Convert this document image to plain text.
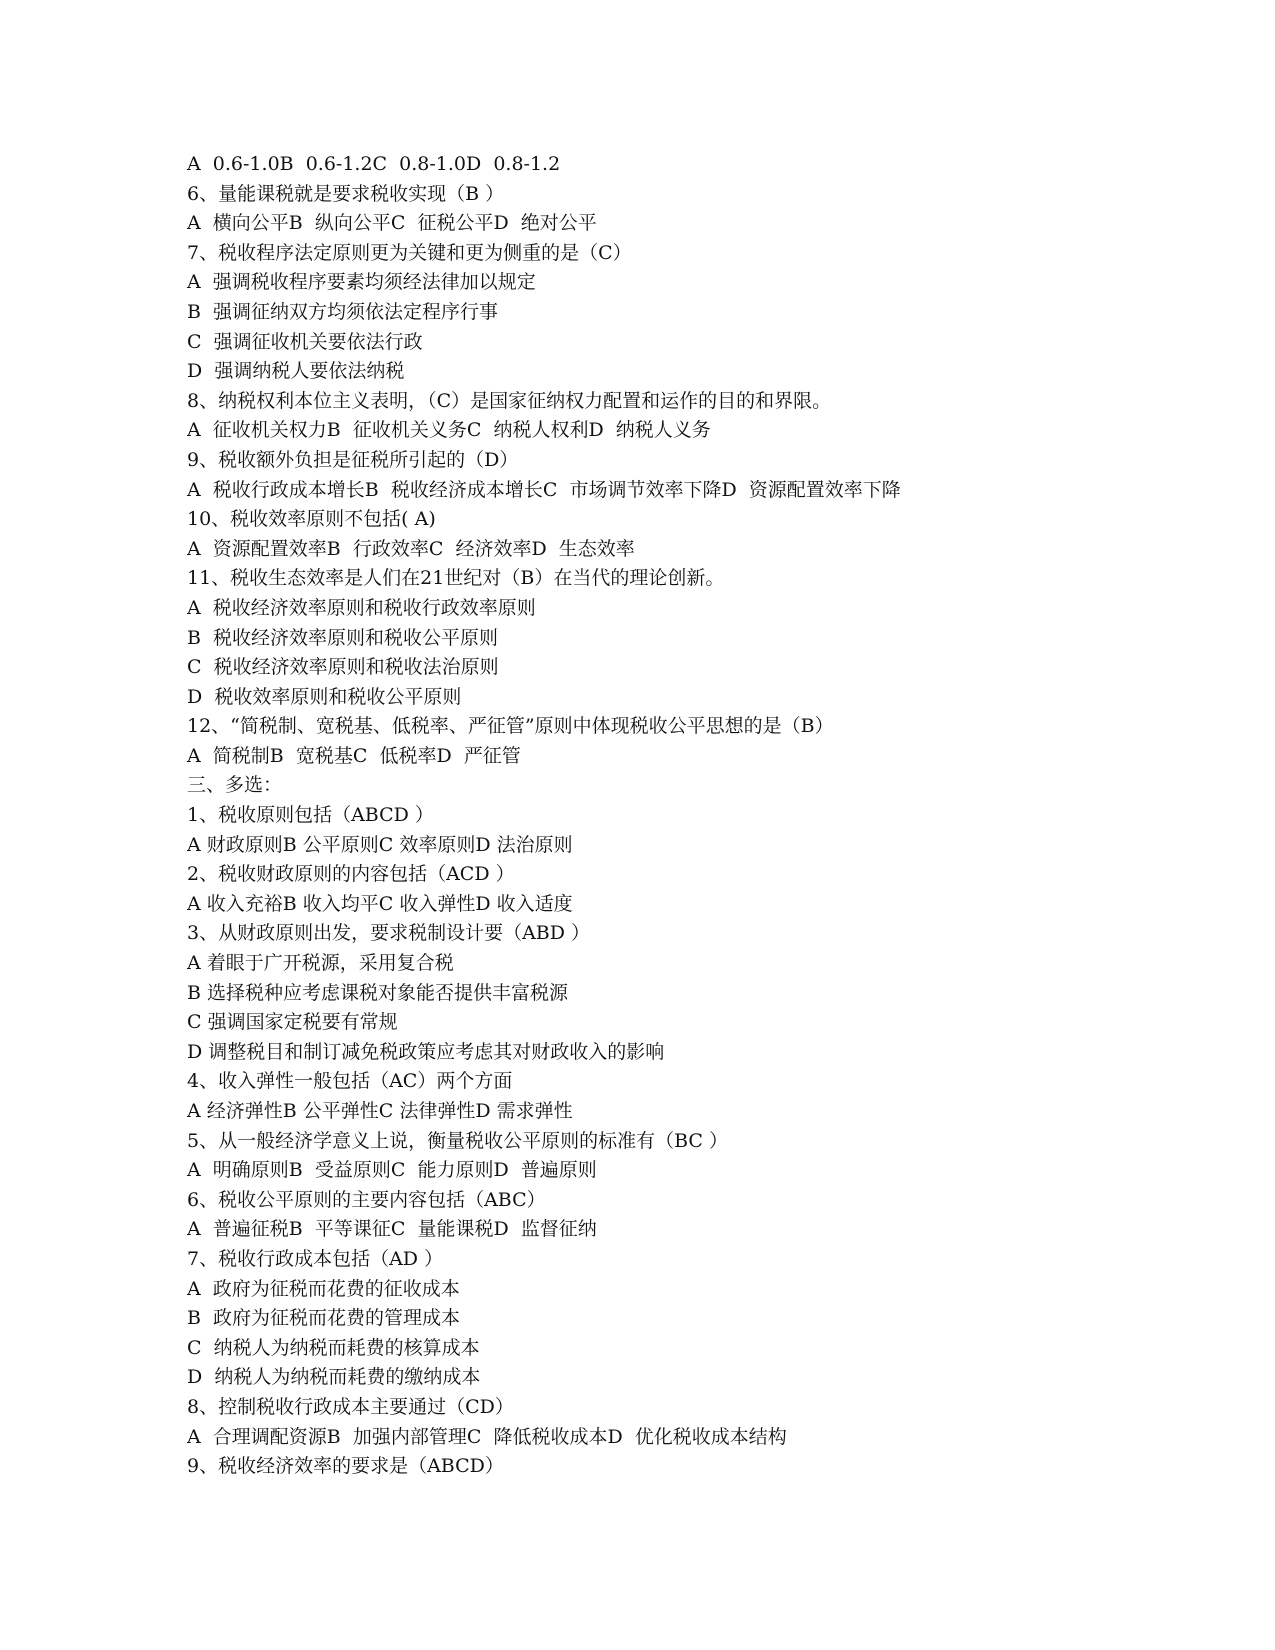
A  0.6-1.0B  0.6-1.2C  0.8-1.0D  0.8-1.2
6、量能课税就是要求税收实现（B ）
A  横向公平B  纵向公平C  征税公平D  绝对公平
7、税收程序法定原则更为关键和更为侧重的是（C）
A  强调税收程序要素均须经法律加以规定
B  强调征纳双方均须依法定程序行事
C  强调征收机关要依法行政
D  强调纳税人要依法纳税
8、纳税权利本位主义表明，（C）是国家征纳权力配置和运作的目的和界限。
A  征收机关权力B  征收机关义务C  纳税人权利D  纳税人义务
9、税收额外负担是征税所引起的（D）
A  税收行政成本增长B  税收经济成本增长C  市场调节效率下降D  资源配置效率下降
10、税收效率原则不包括( A)
A  资源配置效率B  行政效率C  经济效率D  生态效率
11、税收生态效率是人们在21世纪对（B）在当代的理论创新。
A  税收经济效率原则和税收行政效率原则
B  税收经济效率原则和税收公平原则
C  税收经济效率原则和税收法治原则
D  税收效率原则和税收公平原则
12、“简税制、宽税基、低税率、严征管”原则中体现税收公平思想的是（B）
A  简税制B  宽税基C  低税率D  严征管
三、多选：
1、税收原则包括（ABCD ）
A 财政原则B 公平原则C 效率原则D 法治原则
2、税收财政原则的内容包括（ACD ）
A 收入充裕B 收入均平C 收入弹性D 收入适度
3、从财政原则出发，要求税制设计要（ABD ）
A 着眼于广开税源，采用复合税
B 选择税种应考虑课税对象能否提供丰富税源
C 强调国家定税要有常规
D 调整税目和制订减免税政策应考虑其对财政收入的影响
4、收入弹性一般包括（AC）两个方面
A 经济弹性B 公平弹性C 法律弹性D 需求弹性
5、从一般经济学意义上说，衡量税收公平原则的标准有（BC ）
A  明确原则B  受益原则C  能力原则D  普遍原则
6、税收公平原则的主要内容包括（ABC）
A  普遍征税B  平等课征C  量能课税D  监督征纳
7、税收行政成本包括（AD ）
A  政府为征税而花费的征收成本
B  政府为征税而花费的管理成本
C  纳税人为纳税而耗费的核算成本
D  纳税人为纳税而耗费的缴纳成本
8、控制税收行政成本主要通过（CD）
A  合理调配资源B  加强内部管理C  降低税收成本D  优化税收成本结构
9、税收经济效率的要求是（ABCD）
